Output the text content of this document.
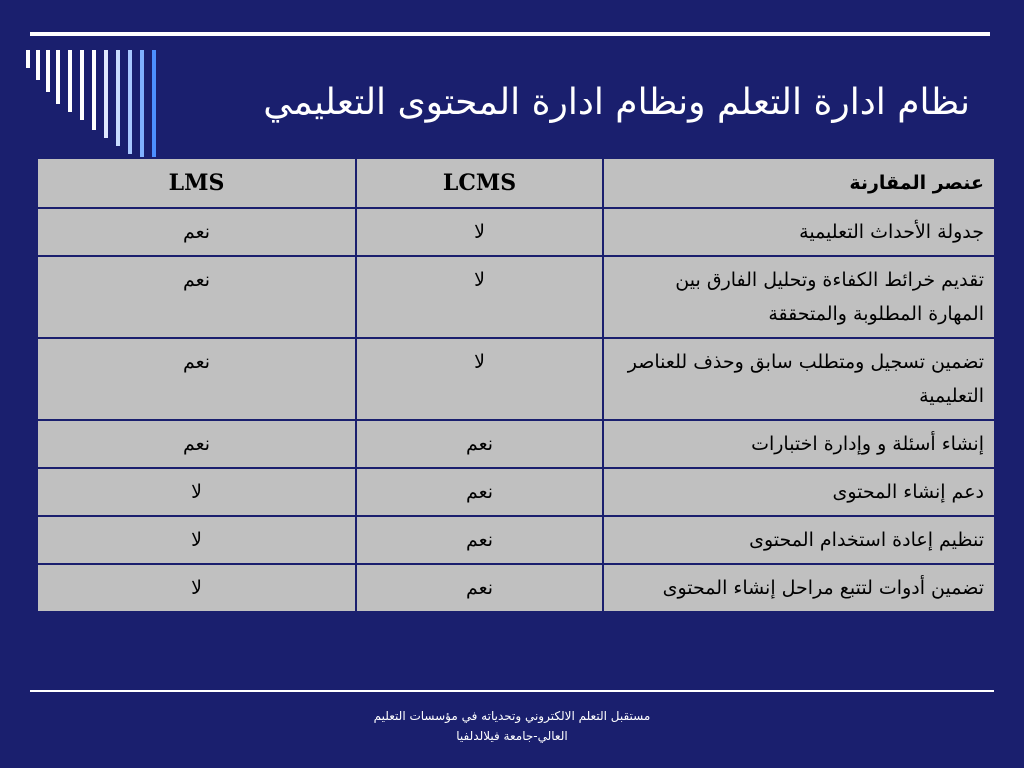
نظام ادارة التعلم ونظام ادارة المحتوى التعليمي
عنصر المقارنة	LCMS	LMS
جدولة الأحداث التعليمية	لا	نعم
تقديم خرائط الكفاءة وتحليل الفارق بين المهارة المطلوبة والمتحققة	لا	نعم
تضمين تسجيل ومتطلب سابق وحذف للعناصر التعليمية	لا	نعم
إنشاء أسئلة و وإدارة اختبارات	نعم	نعم
دعم إنشاء المحتوى	نعم	لا
تنظيم إعادة استخدام المحتوى	نعم	لا
تضمين أدوات لتتبع مراحل إنشاء المحتوى	نعم	لا
مستقبل التعلم الالكتروني وتحدياته في مؤسسات التعليم
العالي-جامعة فيلالدلفيا
